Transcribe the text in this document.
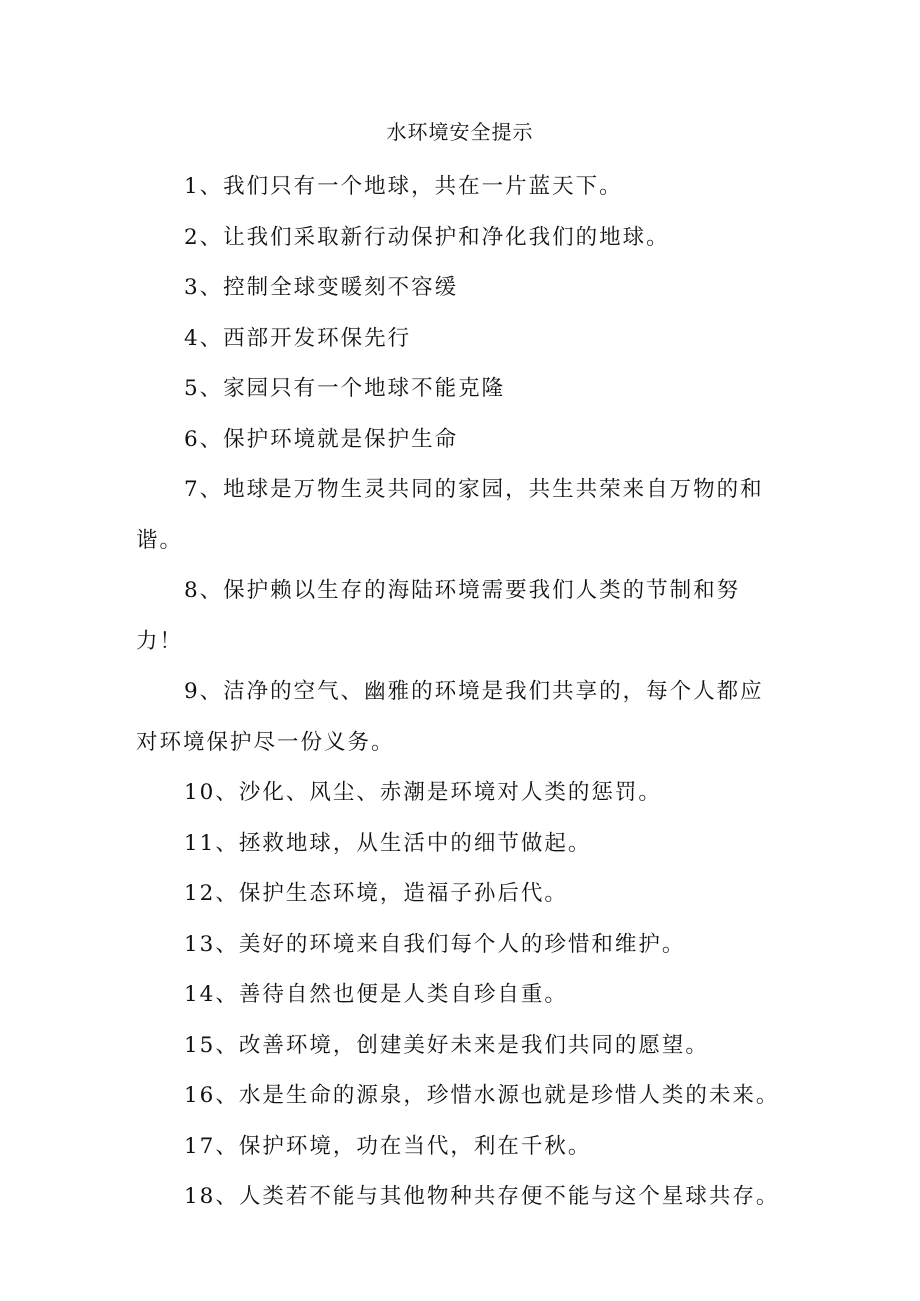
水环境安全提示

1、我们只有一个地球，共在一片蓝天下。

2、让我们采取新行动保护和净化我们的地球。

3、控制全球变暖刻不容缓

4、西部开发环保先行

5、家园只有一个地球不能克隆

6、保护环境就是保护生命

7、地球是万物生灵共同的家园，共生共荣来自万物的和谐。

8、保护赖以生存的海陆环境需要我们人类的节制和努力！

9、洁净的空气、幽雅的环境是我们共享的，每个人都应对环境保护尽一份义务。

10、沙化、风尘、赤潮是环境对人类的惩罚。

11、拯救地球，从生活中的细节做起。

12、保护生态环境，造福子孙后代。

13、美好的环境来自我们每个人的珍惜和维护。

14、善待自然也便是人类自珍自重。

15、改善环境，创建美好未来是我们共同的愿望。

16、水是生命的源泉，珍惜水源也就是珍惜人类的未来。

17、保护环境，功在当代，利在千秋。

18、人类若不能与其他物种共存便不能与这个星球共存。
